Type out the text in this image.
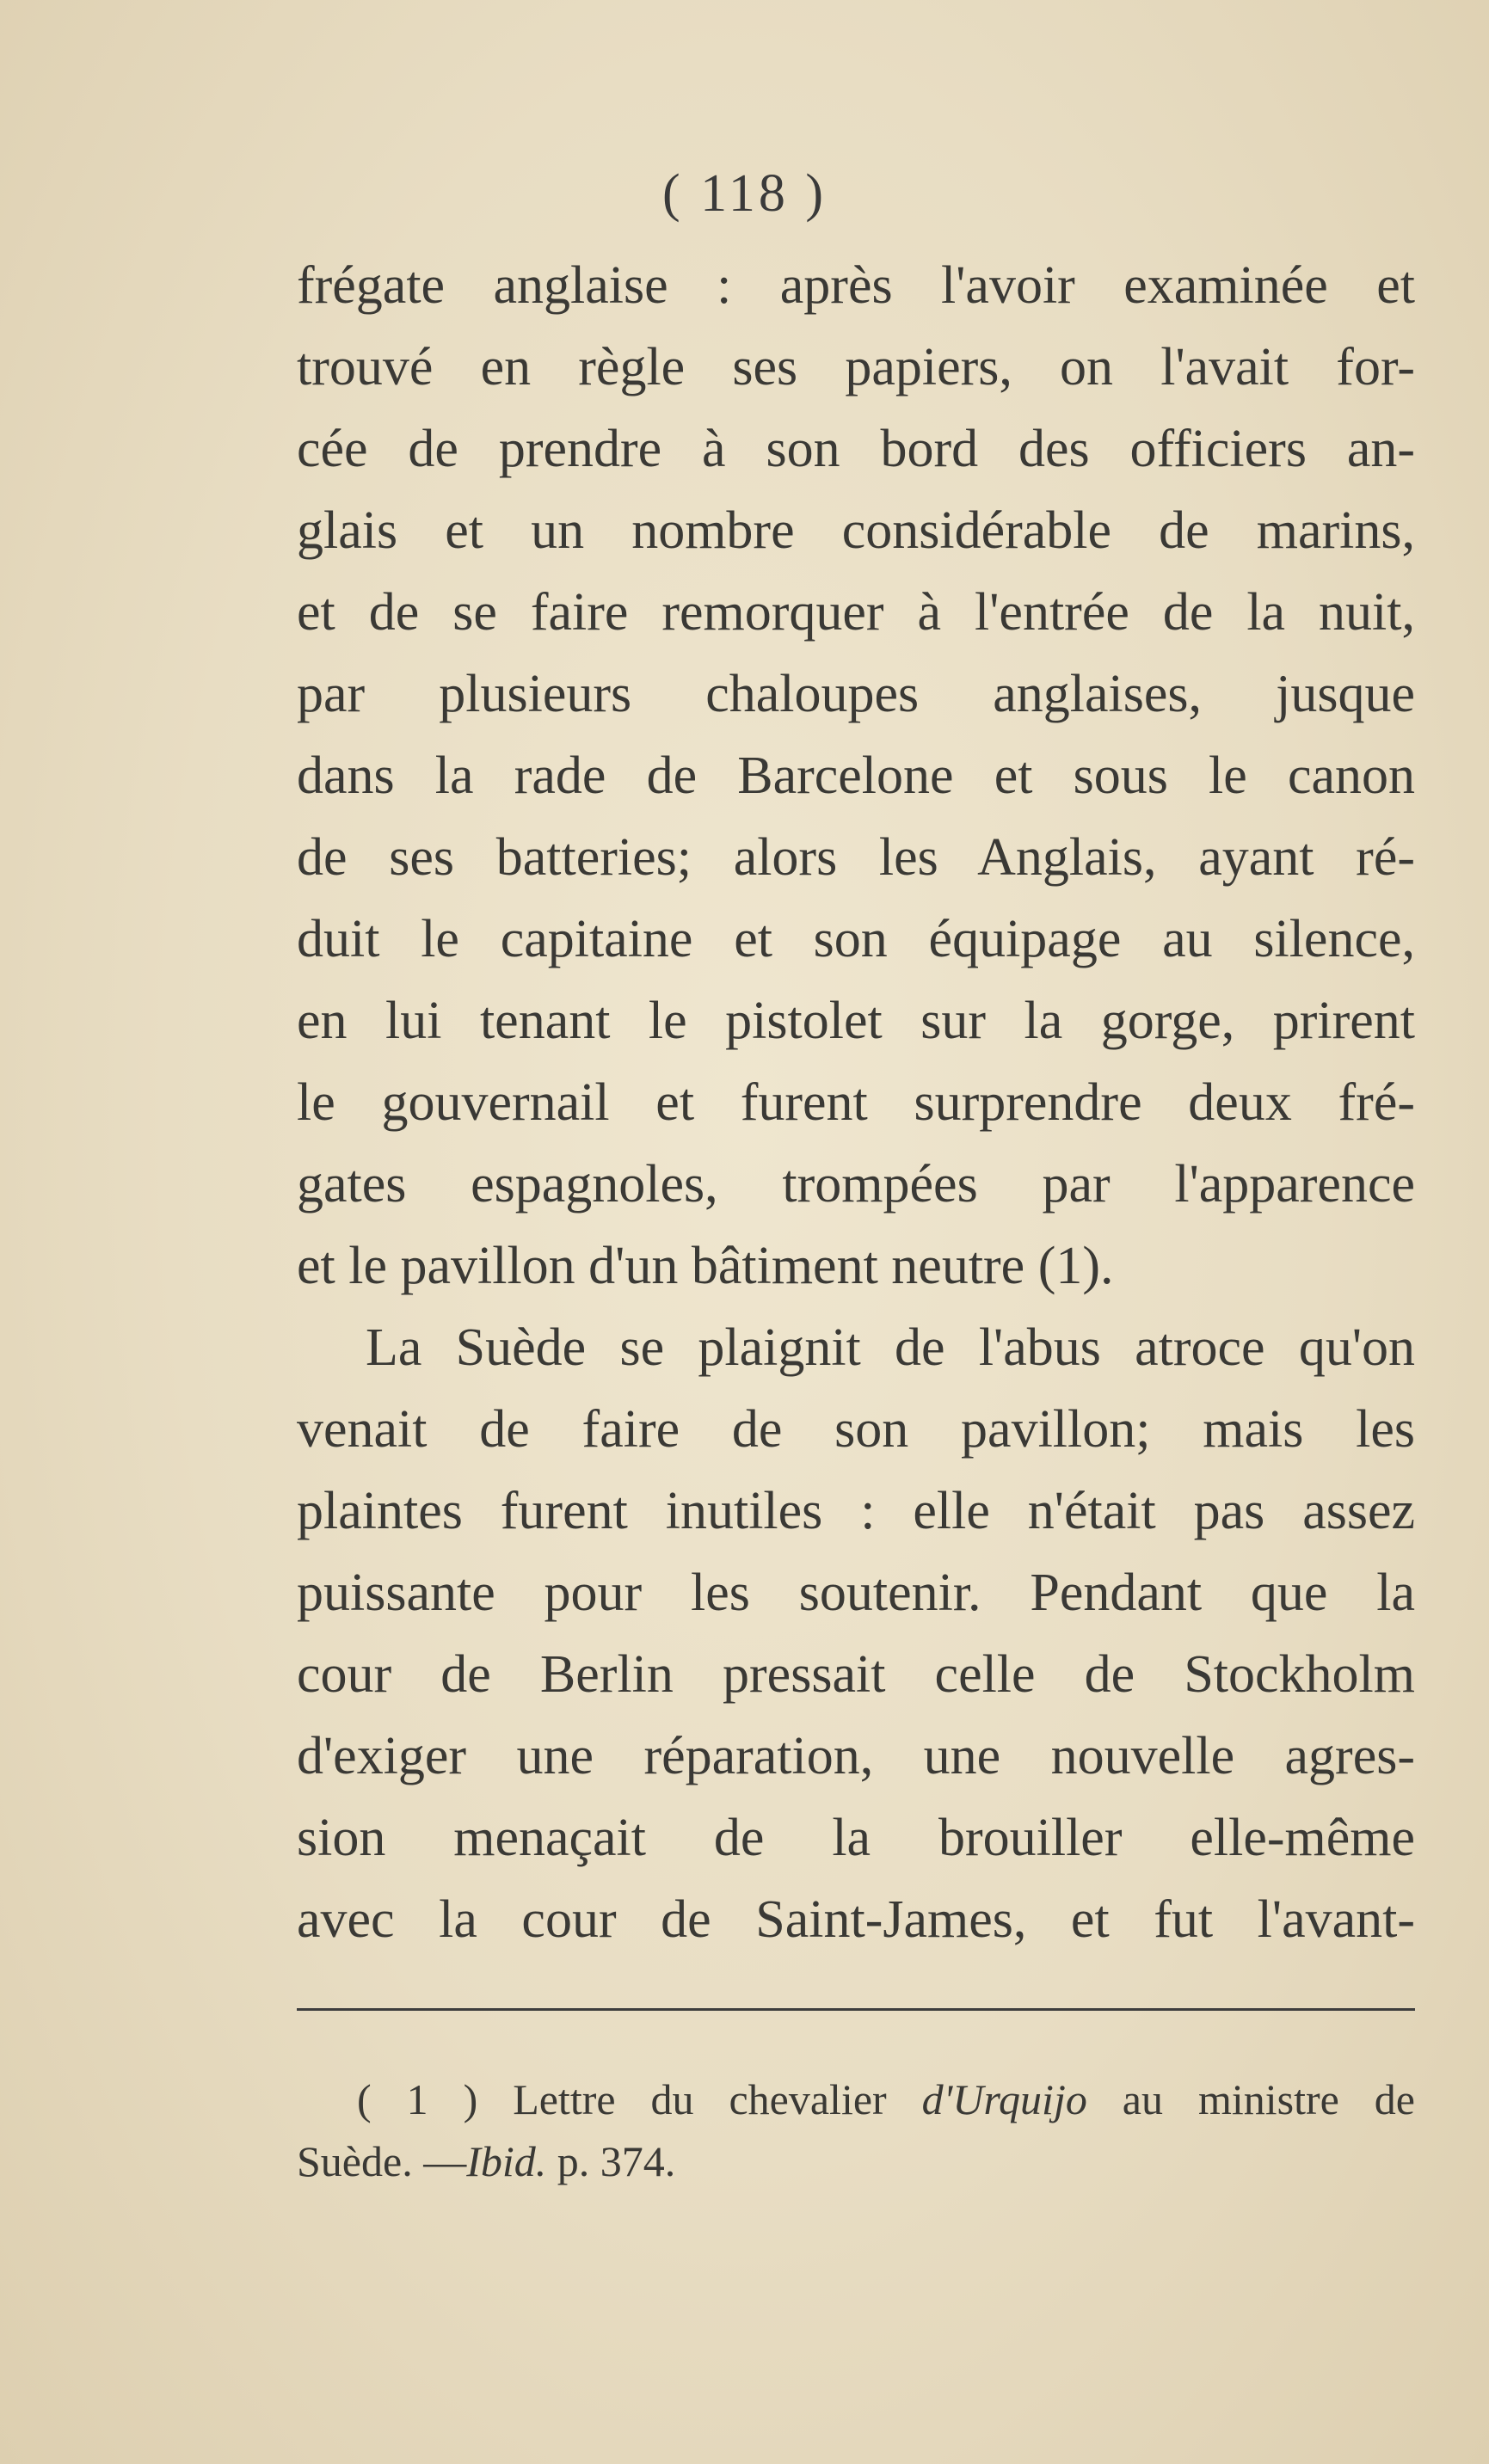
( 118 )
frégate anglaise : après l'avoir examinée et
trouvé en règle ses papiers, on l'avait for-
cée de prendre à son bord des officiers an-
glais et un nombre considérable de marins,
et de se faire remorquer à l'entrée de la nuit,
par plusieurs chaloupes anglaises, jusque
dans la rade de Barcelone et sous le canon
de ses batteries; alors les Anglais, ayant ré-
duit le capitaine et son équipage au silence,
en lui tenant le pistolet sur la gorge, prirent
le gouvernail et furent surprendre deux fré-
gates espagnoles, trompées par l'apparence
et le pavillon d'un bâtiment neutre (1).
La Suède se plaignit de l'abus atroce qu'on
venait de faire de son pavillon; mais les
plaintes furent inutiles : elle n'était pas assez
puissante pour les soutenir. Pendant que la
cour de Berlin pressait celle de Stockholm
d'exiger une réparation, une nouvelle agres-
sion menaçait de la brouiller elle-même
avec la cour de Saint-James, et fut l'avant-
( 1 ) Lettre du chevalier d'Urquijo au ministre de
Suède. —Ibid. p. 374.
